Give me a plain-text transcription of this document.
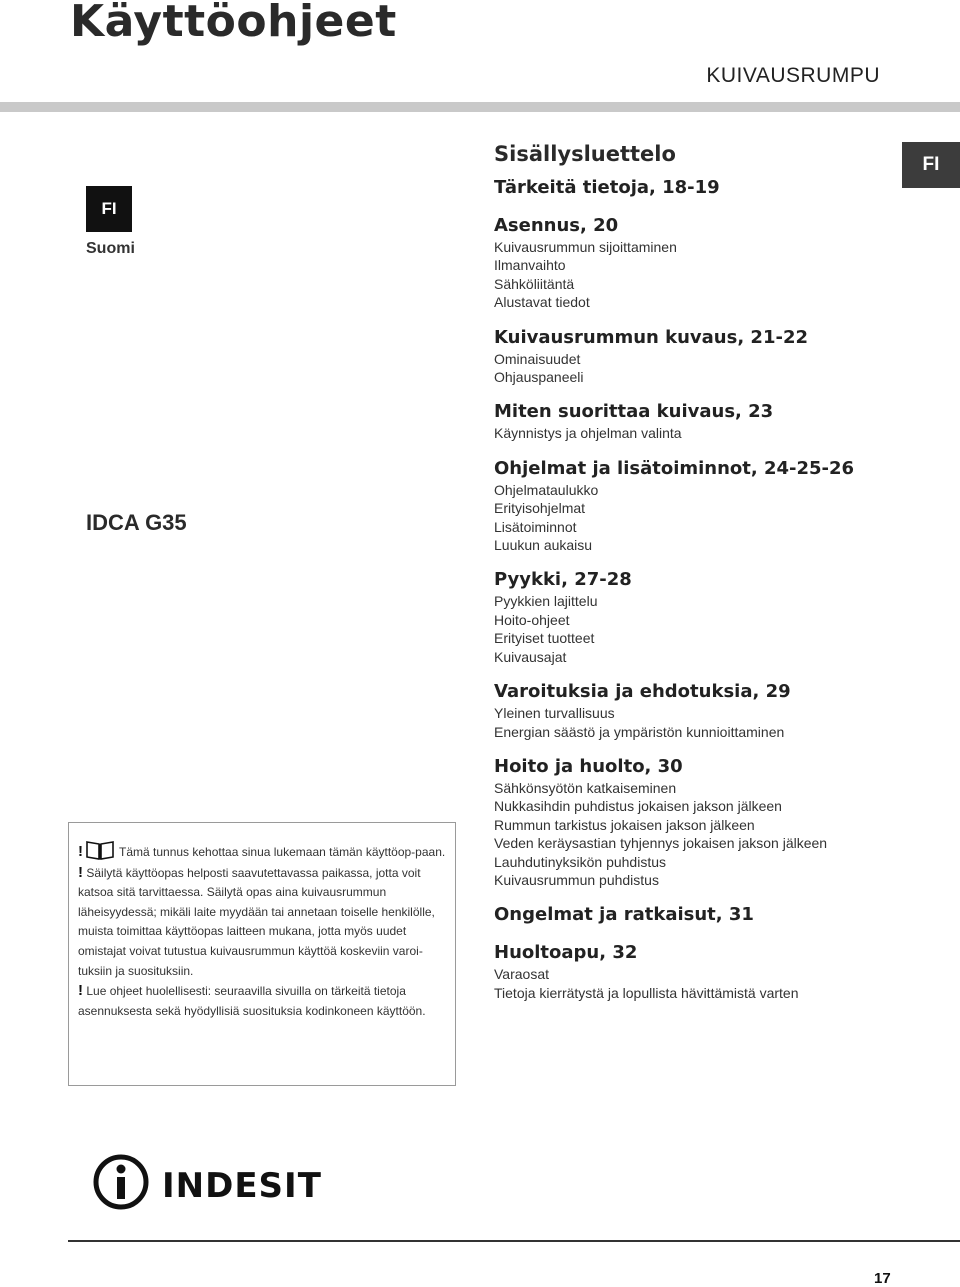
Käyttöohjeet
KUIVAUSRUMPU
FI
FI
Suomi
IDCA G35
Sisällysluettelo
Tärkeitä tietoja, 18-19
Asennus, 20
Kuivausrummun sijoittaminen
Ilmanvaihto
Sähköliitäntä
Alustavat tiedot
Kuivausrummun kuvaus, 21-22
Ominaisuudet
Ohjauspaneeli
Miten suorittaa kuivaus, 23
Käynnistys ja ohjelman valinta
Ohjelmat ja lisätoiminnot, 24-25-26
Ohjelmataulukko
Erityisohjelmat
Lisätoiminnot
Luukun aukaisu
Pyykki, 27-28
Pyykkien lajittelu
Hoito-ohjeet
Erityiset tuotteet
Kuivausajat
Varoituksia ja ehdotuksia, 29
Yleinen turvallisuus
Energian säästö ja ympäristön kunnioittaminen
Hoito ja huolto, 30
Sähkönsyötön katkaiseminen
Nukkasihdin puhdistus jokaisen jakson jälkeen
Rummun tarkistus jokaisen jakson jälkeen
Veden keräysastian tyhjennys jokaisen jakson jälkeen
Lauhdutinyksikön puhdistus
Kuivausrummun puhdistus
Ongelmat ja ratkaisut, 31
Huoltoapu, 32
Varaosat
Tietoja kierrätystä ja lopullista hävittämistä varten
!	Tämä tunnus kehottaa sinua lukemaan tämän käyttöop-paan.
! Säilytä käyttöopas helposti saavutettavassa paikassa, jotta voit katsoa sitä tarvittaessa. Säilytä opas aina kuivausrummun läheisyydessä; mikäli laite myydään tai annetaan toiselle henkilölle, muista toimittaa käyttöopas laitteen mukana, jotta myös uudet omistajat voivat tutustua kuivausrummun käyttöä koskeviin varoi-tuksiin ja suosituksiin.
! Lue ohjeet huolellisesti: seuraavilla sivuilla on tärkeitä tietoja asennuksesta sekä hyödyllisiä suosituksia kodinkoneen käyttöön.
INDESIT
17
